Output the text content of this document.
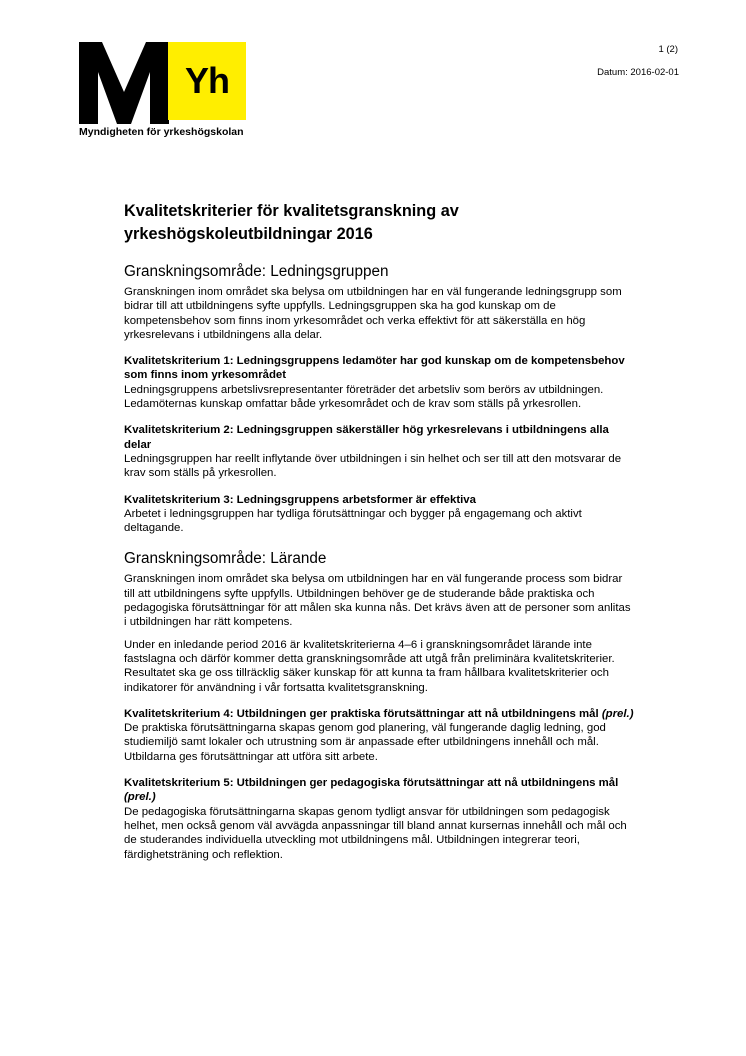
Yh
Myndigheten för yrkeshögskolan
1 (2)
Datum: 2016-02-01
Kvalitetskriterier för kvalitetsgranskning av yrkeshögskoleutbildningar 2016
Granskningsområde: Ledningsgruppen

Granskningen inom området ska belysa om utbildningen har en väl fungerande ledningsgrupp som bidrar till att utbildningens syfte uppfylls. Ledningsgruppen ska ha god kunskap om de kompetensbehov som finns inom yrkesområdet och verka effektivt för att säkerställa en hög yrkesrelevans i utbildningens alla delar.

Kvalitetskriterium 1: Ledningsgruppens ledamöter har god kunskap om de kompetensbehov som finns inom yrkesområdet

Ledningsgruppens arbetslivsrepresentanter företräder det arbetsliv som berörs av utbildningen. Ledamöternas kunskap omfattar både yrkesområdet och de krav som ställs på yrkesrollen.

Kvalitetskriterium 2: Ledningsgruppen säkerställer hög yrkesrelevans i utbildningens alla delar

Ledningsgruppen har reellt inflytande över utbildningen i sin helhet och ser till att den motsvarar de krav som ställs på yrkesrollen.

Kvalitetskriterium 3: Ledningsgruppens arbetsformer är effektiva

Arbetet i ledningsgruppen har tydliga förutsättningar och bygger på engagemang och aktivt deltagande.

Granskningsområde: Lärande

Granskningen inom området ska belysa om utbildningen har en väl fungerande process som bidrar till att utbildningens syfte uppfylls. Utbildningen behöver ge de studerande både praktiska och pedagogiska förutsättningar för att målen ska kunna nås. Det krävs även att de personer som anlitas i utbildningen har rätt kompetens.

Under en inledande period 2016 är kvalitetskriterierna 4–6 i granskningsområdet lärande inte fastslagna och därför kommer detta granskningsområde att utgå från preliminära kvalitetskriterier. Resultatet ska ge oss tillräcklig säker kunskap för att kunna ta fram hållbara kvalitetskriterier och indikatorer för användning i vår fortsatta kvalitetsgranskning.

Kvalitetskriterium 4: Utbildningen ger praktiska förutsättningar att nå utbildningens mål (prel.)

De praktiska förutsättningarna skapas genom god planering, väl fungerande daglig ledning, god studiemiljö samt lokaler och utrustning som är anpassade efter utbildningens innehåll och mål. Utbildarna ges förutsättningar att utföra sitt arbete.

Kvalitetskriterium 5: Utbildningen ger pedagogiska förutsättningar att nå utbildningens mål (prel.)

De pedagogiska förutsättningarna skapas genom tydligt ansvar för utbildningen som pedagogisk helhet, men också genom väl avvägda anpassningar till bland annat kursernas innehåll och mål och de studerandes individuella utveckling mot utbildningens mål. Utbildningen integrerar teori, färdighetsträning och reflektion.
